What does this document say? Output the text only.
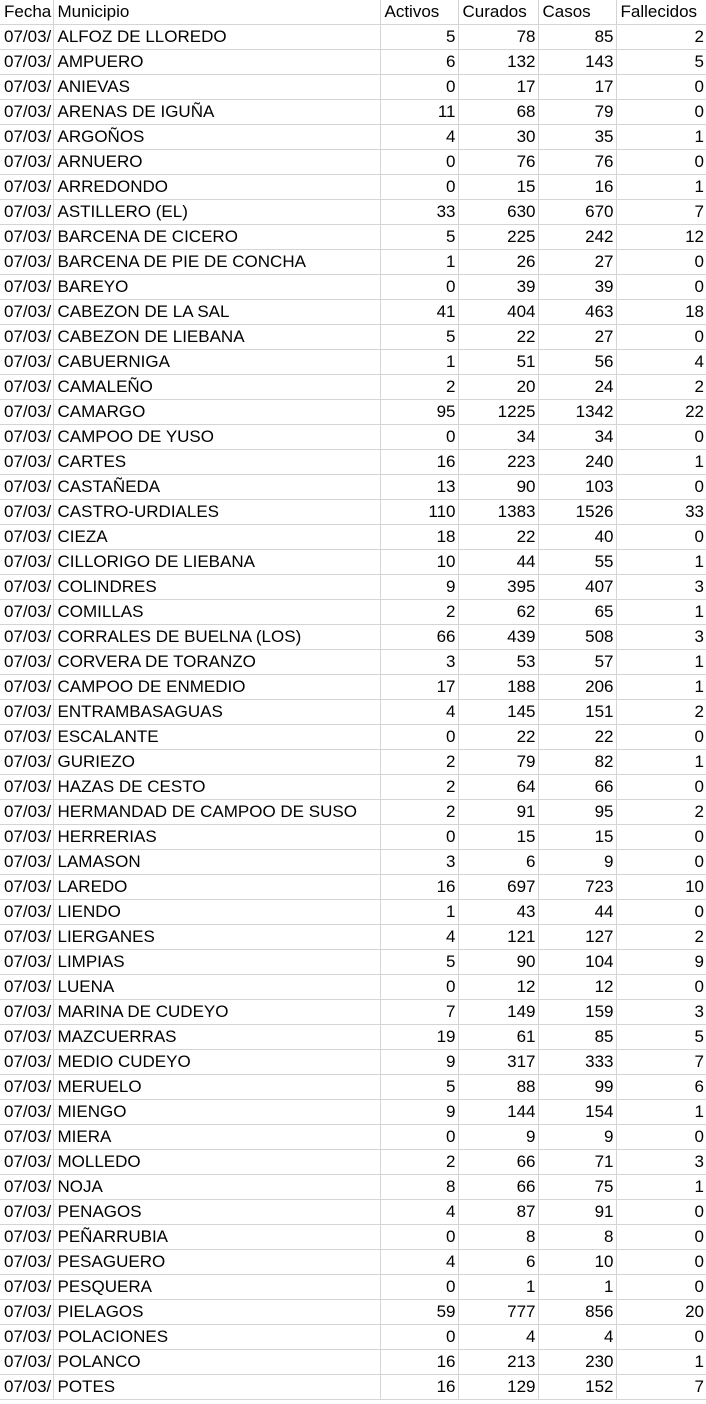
Fecha	Municipio	Activos	Curados	Casos	Fallecidos
07/03/	ALFOZ DE LLOREDO	5	78	85	2
07/03/	AMPUERO	6	132	143	5
07/03/	ANIEVAS	0	17	17	0
07/03/	ARENAS DE IGUÑA	11	68	79	0
07/03/	ARGOÑOS	4	30	35	1
07/03/	ARNUERO	0	76	76	0
07/03/	ARREDONDO	0	15	16	1
07/03/	ASTILLERO (EL)	33	630	670	7
07/03/	BARCENA DE CICERO	5	225	242	12
07/03/	BARCENA DE PIE DE CONCHA	1	26	27	0
07/03/	BAREYO	0	39	39	0
07/03/	CABEZON DE LA SAL	41	404	463	18
07/03/	CABEZON DE LIEBANA	5	22	27	0
07/03/	CABUERNIGA	1	51	56	4
07/03/	CAMALEÑO	2	20	24	2
07/03/	CAMARGO	95	1225	1342	22
07/03/	CAMPOO DE YUSO	0	34	34	0
07/03/	CARTES	16	223	240	1
07/03/	CASTAÑEDA	13	90	103	0
07/03/	CASTRO-URDIALES	110	1383	1526	33
07/03/	CIEZA	18	22	40	0
07/03/	CILLORIGO DE LIEBANA	10	44	55	1
07/03/	COLINDRES	9	395	407	3
07/03/	COMILLAS	2	62	65	1
07/03/	CORRALES DE BUELNA (LOS)	66	439	508	3
07/03/	CORVERA DE TORANZO	3	53	57	1
07/03/	CAMPOO DE ENMEDIO	17	188	206	1
07/03/	ENTRAMBASAGUAS	4	145	151	2
07/03/	ESCALANTE	0	22	22	0
07/03/	GURIEZO	2	79	82	1
07/03/	HAZAS DE CESTO	2	64	66	0
07/03/	HERMANDAD DE CAMPOO DE SUSO	2	91	95	2
07/03/	HERRERIAS	0	15	15	0
07/03/	LAMASON	3	6	9	0
07/03/	LAREDO	16	697	723	10
07/03/	LIENDO	1	43	44	0
07/03/	LIERGANES	4	121	127	2
07/03/	LIMPIAS	5	90	104	9
07/03/	LUENA	0	12	12	0
07/03/	MARINA DE CUDEYO	7	149	159	3
07/03/	MAZCUERRAS	19	61	85	5
07/03/	MEDIO CUDEYO	9	317	333	7
07/03/	MERUELO	5	88	99	6
07/03/	MIENGO	9	144	154	1
07/03/	MIERA	0	9	9	0
07/03/	MOLLEDO	2	66	71	3
07/03/	NOJA	8	66	75	1
07/03/	PENAGOS	4	87	91	0
07/03/	PEÑARRUBIA	0	8	8	0
07/03/	PESAGUERO	4	6	10	0
07/03/	PESQUERA	0	1	1	0
07/03/	PIELAGOS	59	777	856	20
07/03/	POLACIONES	0	4	4	0
07/03/	POLANCO	16	213	230	1
07/03/	POTES	16	129	152	7
